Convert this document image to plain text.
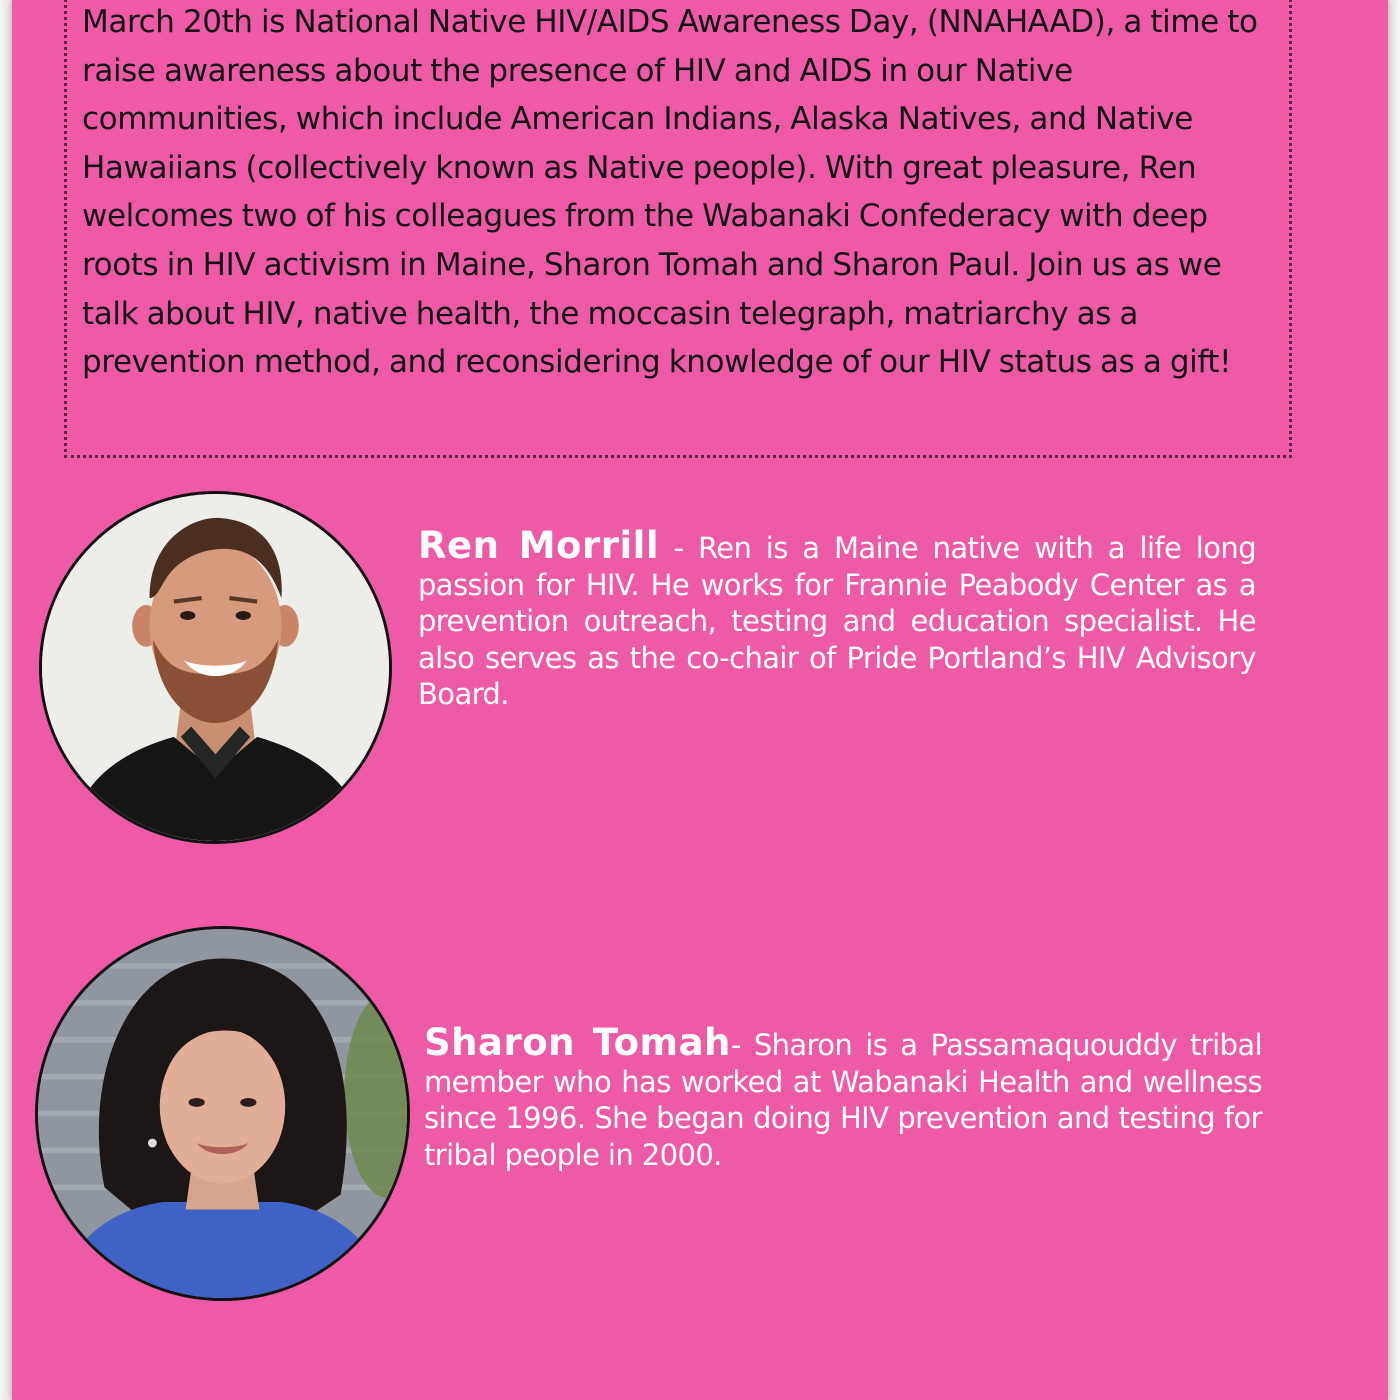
March 20th is National Native HIV/AIDS Awareness Day, (NNAHAAD), a time to raise awareness about the presence of HIV and AIDS in our Native communities, which include American Indians, Alaska Natives, and Native Hawaiians (collectively known as Native people). With great pleasure, Ren welcomes two of his colleagues from the Wabanaki Confederacy with deep roots in HIV activism in Maine, Sharon Tomah and Sharon Paul. Join us as we talk about HIV, native health, the moccasin telegraph, matriarchy as a prevention method, and reconsidering knowledge of our HIV status as a gift!

Ren Morrill - Ren is a Maine native with a life long passion for HIV. He works for Frannie Peabody Center as a prevention outreach, testing and education specialist. He also serves as the co-chair of Pride Portland’s HIV Advisory Board.

Sharon Tomah- Sharon is a Passamaquouddy tribal member who has worked at Wabanaki Health and wellness since 1996. She began doing HIV prevention and testing for tribal people in 2000.
